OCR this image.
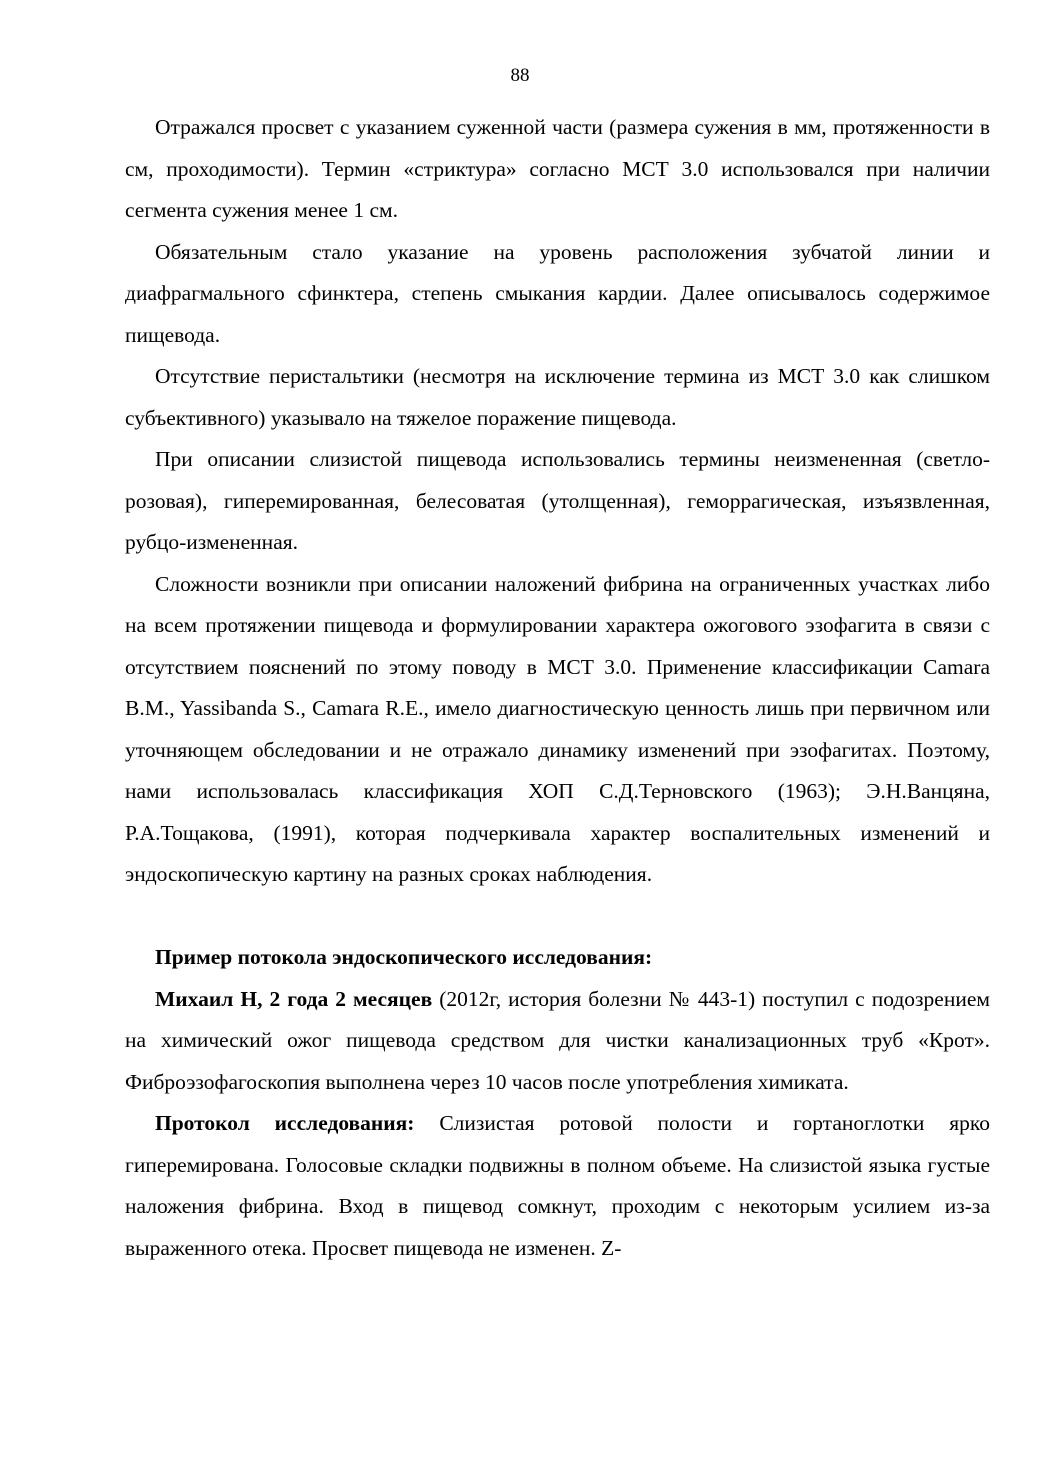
88

Отражался просвет с указанием суженной части (размера сужения в мм, протяженности в см, проходимости). Термин «стриктура» согласно МСТ 3.0 использовался при наличии сегмента сужения менее 1 см.

Обязательным стало указание на уровень расположения зубчатой линии и диафрагмального сфинктера, степень смыкания кардии. Далее описывалось содержимое пищевода.

Отсутствие перистальтики (несмотря на исключение термина из МСТ 3.0 как слишком субъективного) указывало на тяжелое поражение пищевода.

При описании слизистой пищевода использовались термины неизмененная (светло-розовая), гиперемированная, белесоватая (утолщенная), геморрагическая, изъязвленная, рубцо-измененная.

Сложности возникли при описании наложений фибрина на ограниченных участках либо на всем протяжении пищевода и формулировании характера ожогового эзофагита в связи с отсутствием пояснений по этому поводу в МСТ 3.0. Применение классификации Camara B.M., Yassibanda S., Camara R.E., имело диагностическую ценность лишь при первичном или уточняющем обследовании и не отражало динамику изменений при эзофагитах. Поэтому, нами использовалась классификация ХОП С.Д.Терновского (1963); Э.Н.Ванцяна, Р.А.Тощакова, (1991), которая подчеркивала характер воспалительных изменений и эндоскопическую картину на разных сроках наблюдения.

Пример потокола эндоскопического исследования:

Михаил Н, 2 года 2 месяцев (2012г, история болезни № 443-1) поступил с подозрением на химический ожог пищевода средством для чистки канализационных труб «Крот». Фиброэзофагоскопия выполнена через 10 часов после употребления химиката.

Протокол исследования: Слизистая ротовой полости и гортаноглотки ярко гиперемирована. Голосовые складки подвижны в полном объеме. На слизистой языка густые наложения фибрина. Вход в пищевод сомкнут, проходим с некоторым усилием из-за выраженного отека. Просвет пищевода не изменен. Z-
